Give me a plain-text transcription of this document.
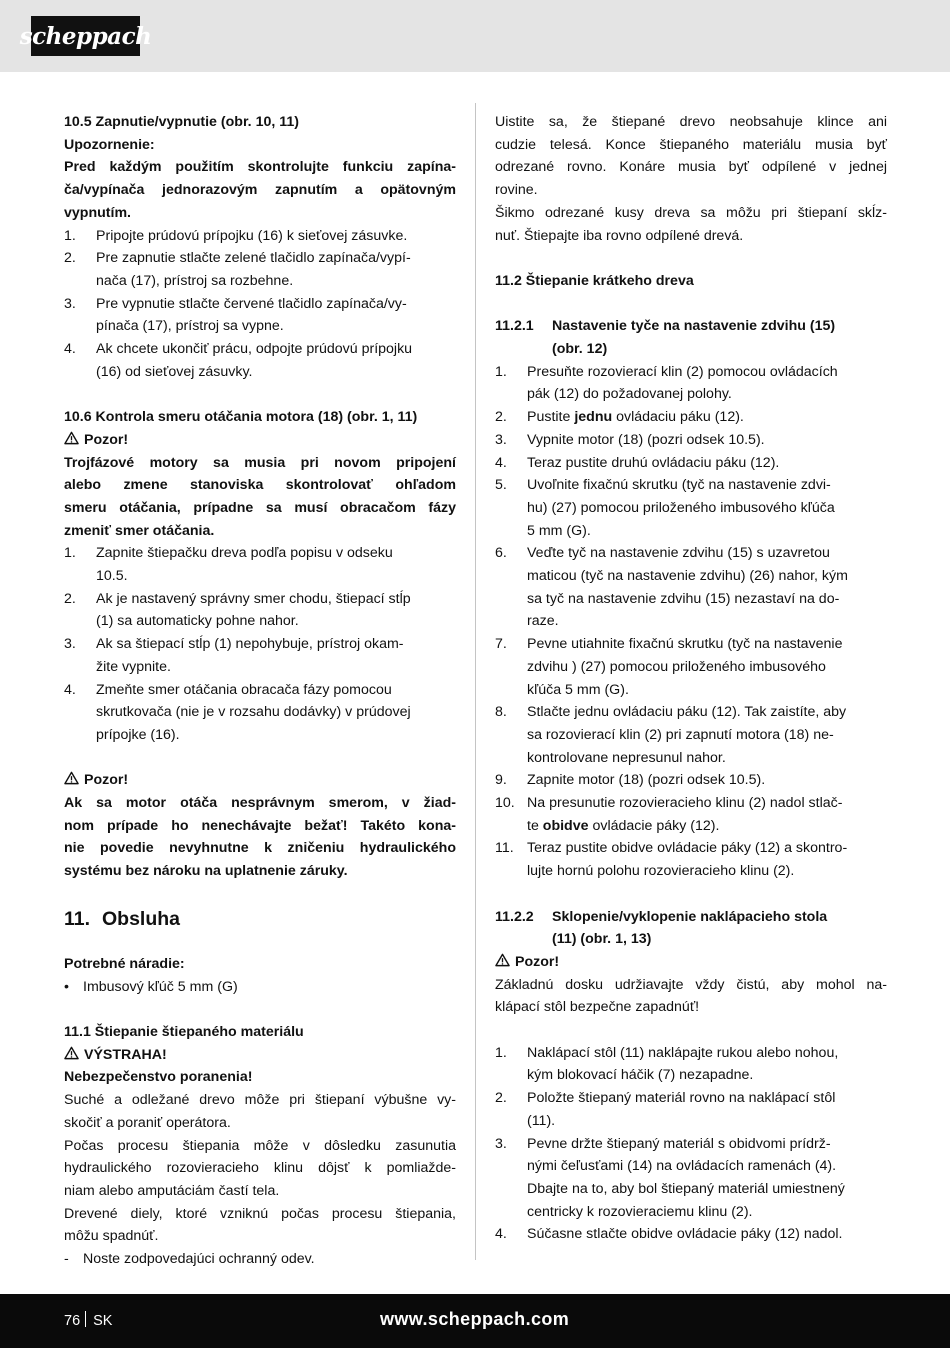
scheppach
10.5 Zapnutie/vypnutie (obr. 10, 11)
Upozornenie:
Pred každým použitím skontrolujte funkciu zapína-
ča/vypínača jednorazovým zapnutím a opätovným
vypnutím.
1. Pripojte prúdovú prípojku (16) k sieťovej zásuvke.
2. Pre zapnutie stlačte zelené tlačidlo zapínača/vypí-
nača (17), prístroj sa rozbehne.
3. Pre vypnutie stlačte červené tlačidlo zapínača/vy-
pínača (17), prístroj sa vypne.
4. Ak chcete ukončiť prácu, odpojte prúdovú prípojku
(16) od sieťovej zásuvky.
10.6 Kontrola smeru otáčania motora (18) (obr. 1, 11)
Pozor!
Trojfázové motory sa musia pri novom pripojení
alebo zmene stanoviska skontrolovať ohľadom
smeru otáčania, prípadne sa musí obracačom fázy
zmeniť smer otáčania.
1. Zapnite štiepačku dreva podľa popisu v odseku
10.5.
2. Ak je nastavený správny smer chodu, štiepací stĺp
(1) sa automaticky pohne nahor.
3. Ak sa štiepací stĺp (1) nepohybuje, prístroj okam-
žite vypnite.
4. Zmeňte smer otáčania obracača fázy pomocou
skrutkovača (nie je v rozsahu dodávky) v prúdovej
prípojke (16).
Pozor!
Ak sa motor otáča nesprávnym smerom, v žiad-
nom prípade ho nenechávajte bežať! Takéto kona-
nie povedie nevyhnutne k zničeniu hydraulického
systému bez nároku na uplatnenie záruky.
11. Obsluha
Potrebné náradie:
• Imbusový kľúč 5 mm (G)
11.1 Štiepanie štiepaného materiálu
VÝSTRAHA!
Nebezpečenstvo poranenia!
Suché a odležané drevo môže pri štiepaní výbušne vy-
skočiť a poraniť operátora.
Počas procesu štiepania môže v dôsledku zasunutia
hydraulického rozovieracieho klinu dôjsť k pomliažde-
niam alebo amputáciám častí tela.
Drevené diely, ktoré vzniknú počas procesu štiepania,
môžu spadnúť.
- Noste zodpovedajúci ochranný odev.
Uistite sa, že štiepané drevo neobsahuje klince ani
cudzie telesá. Konce štiepaného materiálu musia byť
odrezané rovno. Konáre musia byť odpílené v jednej
rovine.
Šikmo odrezané kusy dreva sa môžu pri štiepaní skĺz-
nuť. Štiepajte iba rovno odpílené drevá.
11.2 Štiepanie krátkeho dreva
11.2.1 Nastavenie tyče na nastavenie zdvihu (15)
(obr. 12)
1. Presuňte rozovierací klin (2) pomocou ovládacích
pák (12) do požadovanej polohy.
2. Pustite jednu ovládaciu páku (12).
3. Vypnite motor (18) (pozri odsek 10.5).
4. Teraz pustite druhú ovládaciu páku (12).
5. Uvoľnite fixačnú skrutku (tyč na nastavenie zdvi-
hu) (27) pomocou priloženého imbusového kľúča
5 mm (G).
6. Veďte tyč na nastavenie zdvihu (15) s uzavretou
maticou (tyč na nastavenie zdvihu) (26) nahor, kým
sa tyč na nastavenie zdvihu (15) nezastaví na do-
raze.
7. Pevne utiahnite fixačnú skrutku (tyč na nastavenie
zdvihu ) (27) pomocou priloženého imbusového
kľúča 5 mm (G).
8. Stlačte jednu ovládaciu páku (12). Tak zaistíte, aby
sa rozovierací klin (2) pri zapnutí motora (18) ne-
kontrolovane nepresunul nahor.
9. Zapnite motor (18) (pozri odsek 10.5).
10. Na presunutie rozovieracieho klinu (2) nadol stlač-
te obidve ovládacie páky (12).
11. Teraz pustite obidve ovládacie páky (12) a skontro-
lujte hornú polohu rozovieracieho klinu (2).
11.2.2 Sklopenie/vyklopenie naklápacieho stola
(11) (obr. 1, 13)
Pozor!
Základnú dosku udržiavajte vždy čistú, aby mohol na-
klápací stôl bezpečne zapadnúť!
1. Naklápací stôl (11) naklápajte rukou alebo nohou,
kým blokovací háčik (7) nezapadne.
2. Položte štiepaný materiál rovno na naklápací stôl
(11).
3. Pevne držte štiepaný materiál s obidvomi prídrž-
nými čeľusťami (14) na ovládacích ramenách (4).
Dbajte na to, aby bol štiepaný materiál umiestnený
centricky k rozovieraciemu klinu (2).
4. Súčasne stlačte obidve ovládacie páky (12) nadol.
76 SK	www.scheppach.com
